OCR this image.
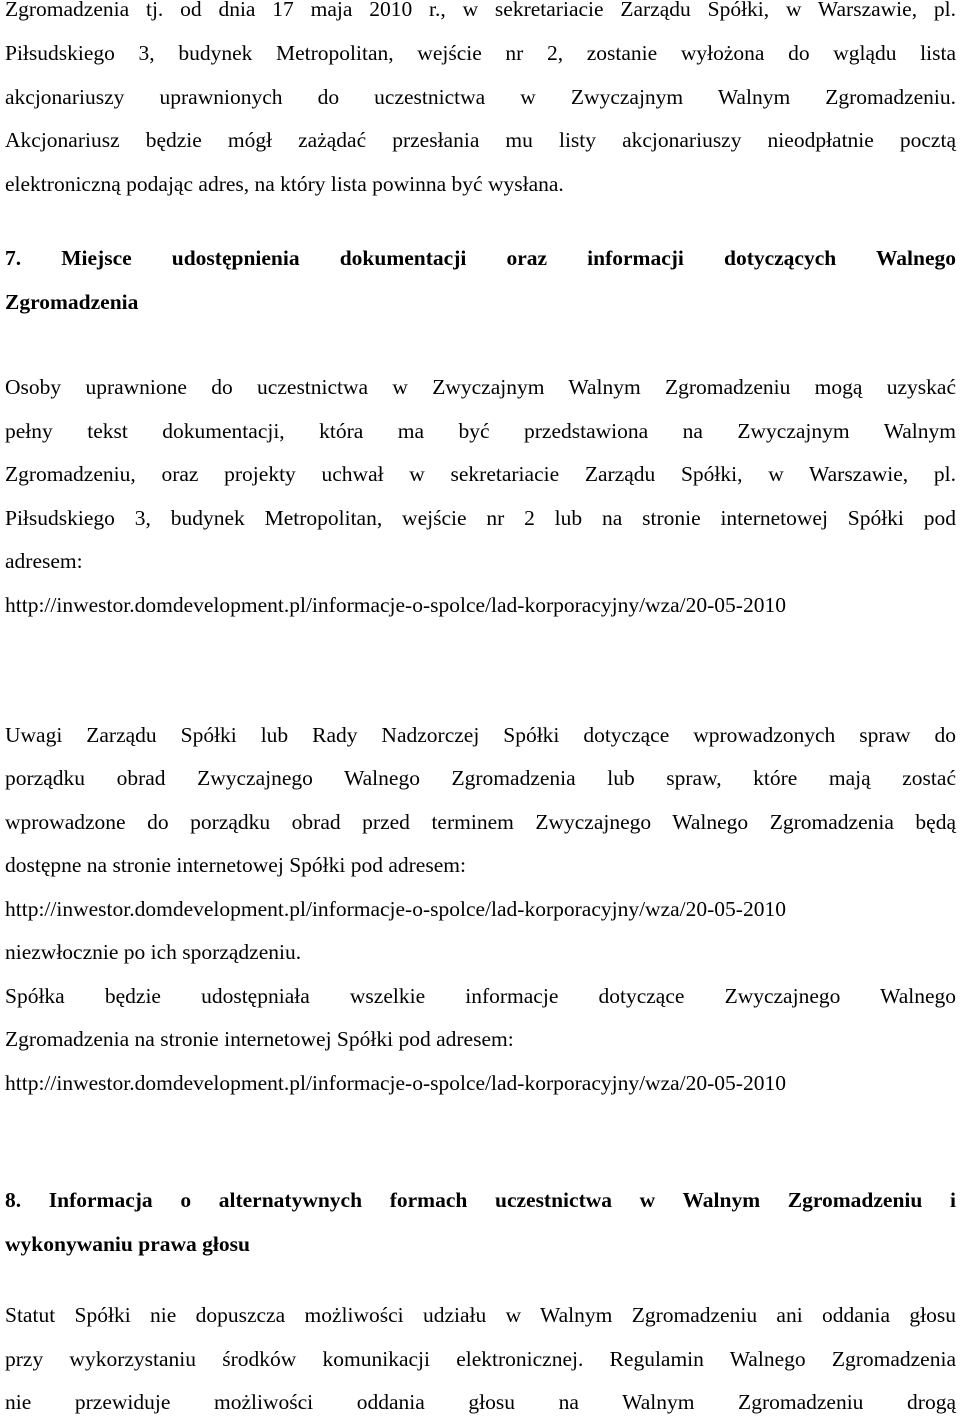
Zgromadzenia tj. od dnia 17 maja 2010 r., w sekretariacie Zarządu Spółki, w Warszawie, pl.
Piłsudskiego 3, budynek Metropolitan, wejście nr 2, zostanie wyłożona do wglądu lista
akcjonariuszy uprawnionych do uczestnictwa w Zwyczajnym Walnym Zgromadzeniu.
Akcjonariusz będzie mógł zażądać przesłania mu listy akcjonariuszy nieodpłatnie pocztą
elektroniczną podając adres, na który lista powinna być wysłana.
7. Miejsce udostępnienia dokumentacji oraz informacji dotyczących Walnego
Zgromadzenia
Osoby uprawnione do uczestnictwa w Zwyczajnym Walnym Zgromadzeniu mogą uzyskać
pełny tekst dokumentacji, która ma być przedstawiona na Zwyczajnym Walnym
Zgromadzeniu, oraz projekty uchwał w sekretariacie Zarządu Spółki, w Warszawie, pl.
Piłsudskiego 3, budynek Metropolitan, wejście nr 2 lub na stronie internetowej Spółki pod
adresem:
http://inwestor.domdevelopment.pl/informacje-o-spolce/lad-korporacyjny/wza/20-05-2010
Uwagi Zarządu Spółki lub Rady Nadzorczej Spółki dotyczące wprowadzonych spraw do
porządku obrad Zwyczajnego Walnego Zgromadzenia lub spraw, które mają zostać
wprowadzone do porządku obrad przed terminem Zwyczajnego Walnego Zgromadzenia będą
dostępne na stronie internetowej Spółki pod adresem:
http://inwestor.domdevelopment.pl/informacje-o-spolce/lad-korporacyjny/wza/20-05-2010
niezwłocznie po ich sporządzeniu.
Spółka będzie udostępniała wszelkie informacje dotyczące Zwyczajnego Walnego
Zgromadzenia na stronie internetowej Spółki pod adresem:
http://inwestor.domdevelopment.pl/informacje-o-spolce/lad-korporacyjny/wza/20-05-2010
8. Informacja o alternatywnych formach uczestnictwa w Walnym Zgromadzeniu i
wykonywaniu prawa głosu
Statut Spółki nie dopuszcza możliwości udziału w Walnym Zgromadzeniu ani oddania głosu
przy wykorzystaniu środków komunikacji elektronicznej. Regulamin Walnego Zgromadzenia
nie przewiduje możliwości oddania głosu na Walnym Zgromadzeniu drogą
